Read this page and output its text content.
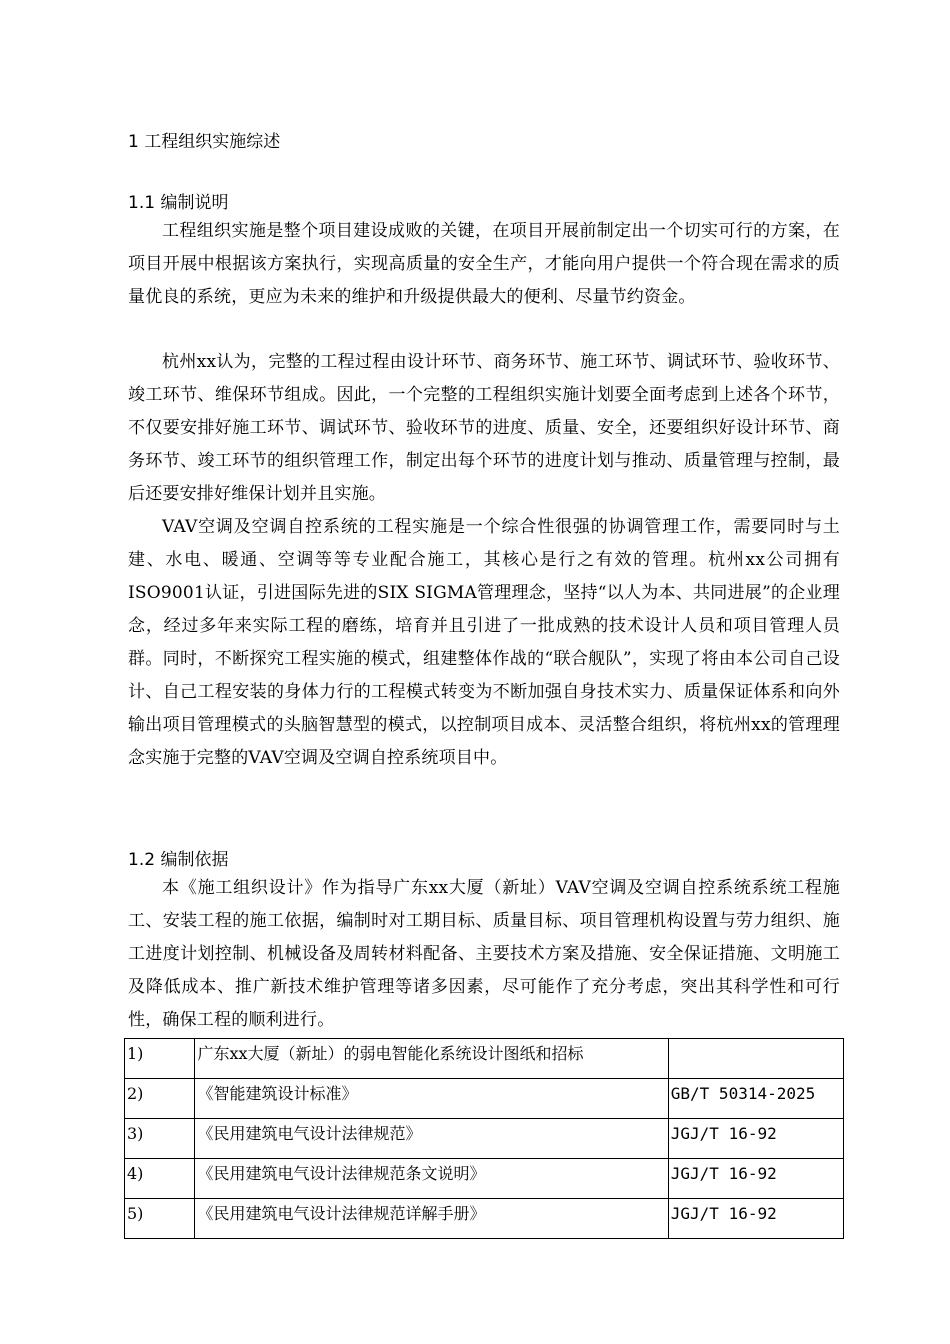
1 工程组织实施综述
1.1 编制说明

工程组织实施是整个项目建设成败的关键，在项目开展前制定出一个切实可行的方案，在项目开展中根据该方案执行，实现高质量的安全生产，才能向用户提供一个符合现在需求的质量优良的系统，更应为未来的维护和升级提供最大的便利、尽量节约资金。

杭州xx认为，完整的工程过程由设计环节、商务环节、施工环节、调试环节、验收环节、竣工环节、维保环节组成。因此，一个完整的工程组织实施计划要全面考虑到上述各个环节，不仅要安排好施工环节、调试环节、验收环节的进度、质量、安全，还要组织好设计环节、商务环节、竣工环节的组织管理工作，制定出每个环节的进度计划与推动、质量管理与控制，最后还要安排好维保计划并且实施。

VAV空调及空调自控系统的工程实施是一个综合性很强的协调管理工作，需要同时与土建、水电、暖通、空调等等专业配合施工，其核心是行之有效的管理。杭州xx公司拥有ISO9001认证，引进国际先进的SIX SIGMA管理理念，坚持“以人为本、共同进展”的企业理念，经过多年来实际工程的磨练，培育并且引进了一批成熟的技术设计人员和项目管理人员群。同时，不断探究工程实施的模式，组建整体作战的“联合舰队”，实现了将由本公司自己设计、自己工程安装的身体力行的工程模式转变为不断加强自身技术实力、质量保证体系和向外输出项目管理模式的头脑智慧型的模式，以控制项目成本、灵活整合组织，将杭州xx的管理理念实施于完整的VAV空调及空调自控系统项目中。

1.2 编制依据

本《施工组织设计》作为指导广东xx大厦（新址）VAV空调及空调自控系统系统工程施工、安装工程的施工依据，编制时对工期目标、质量目标、项目管理机构设置与劳力组织、施工进度计划控制、机械设备及周转材料配备、主要技术方案及措施、安全保证措施、文明施工及降低成本、推广新技术维护管理等诸多因素，尽可能作了充分考虑，突出其科学性和可行性，确保工程的顺利进行。

1)	广东xx大厦（新址）的弱电智能化系统设计图纸和招标	
2)	《智能建筑设计标准》	GB/T 50314-2025
3)	《民用建筑电气设计法律规范》	JGJ/T 16-92
4)	《民用建筑电气设计法律规范条文说明》	JGJ/T 16-92
5)	《民用建筑电气设计法律规范详解手册》	JGJ/T 16-92
